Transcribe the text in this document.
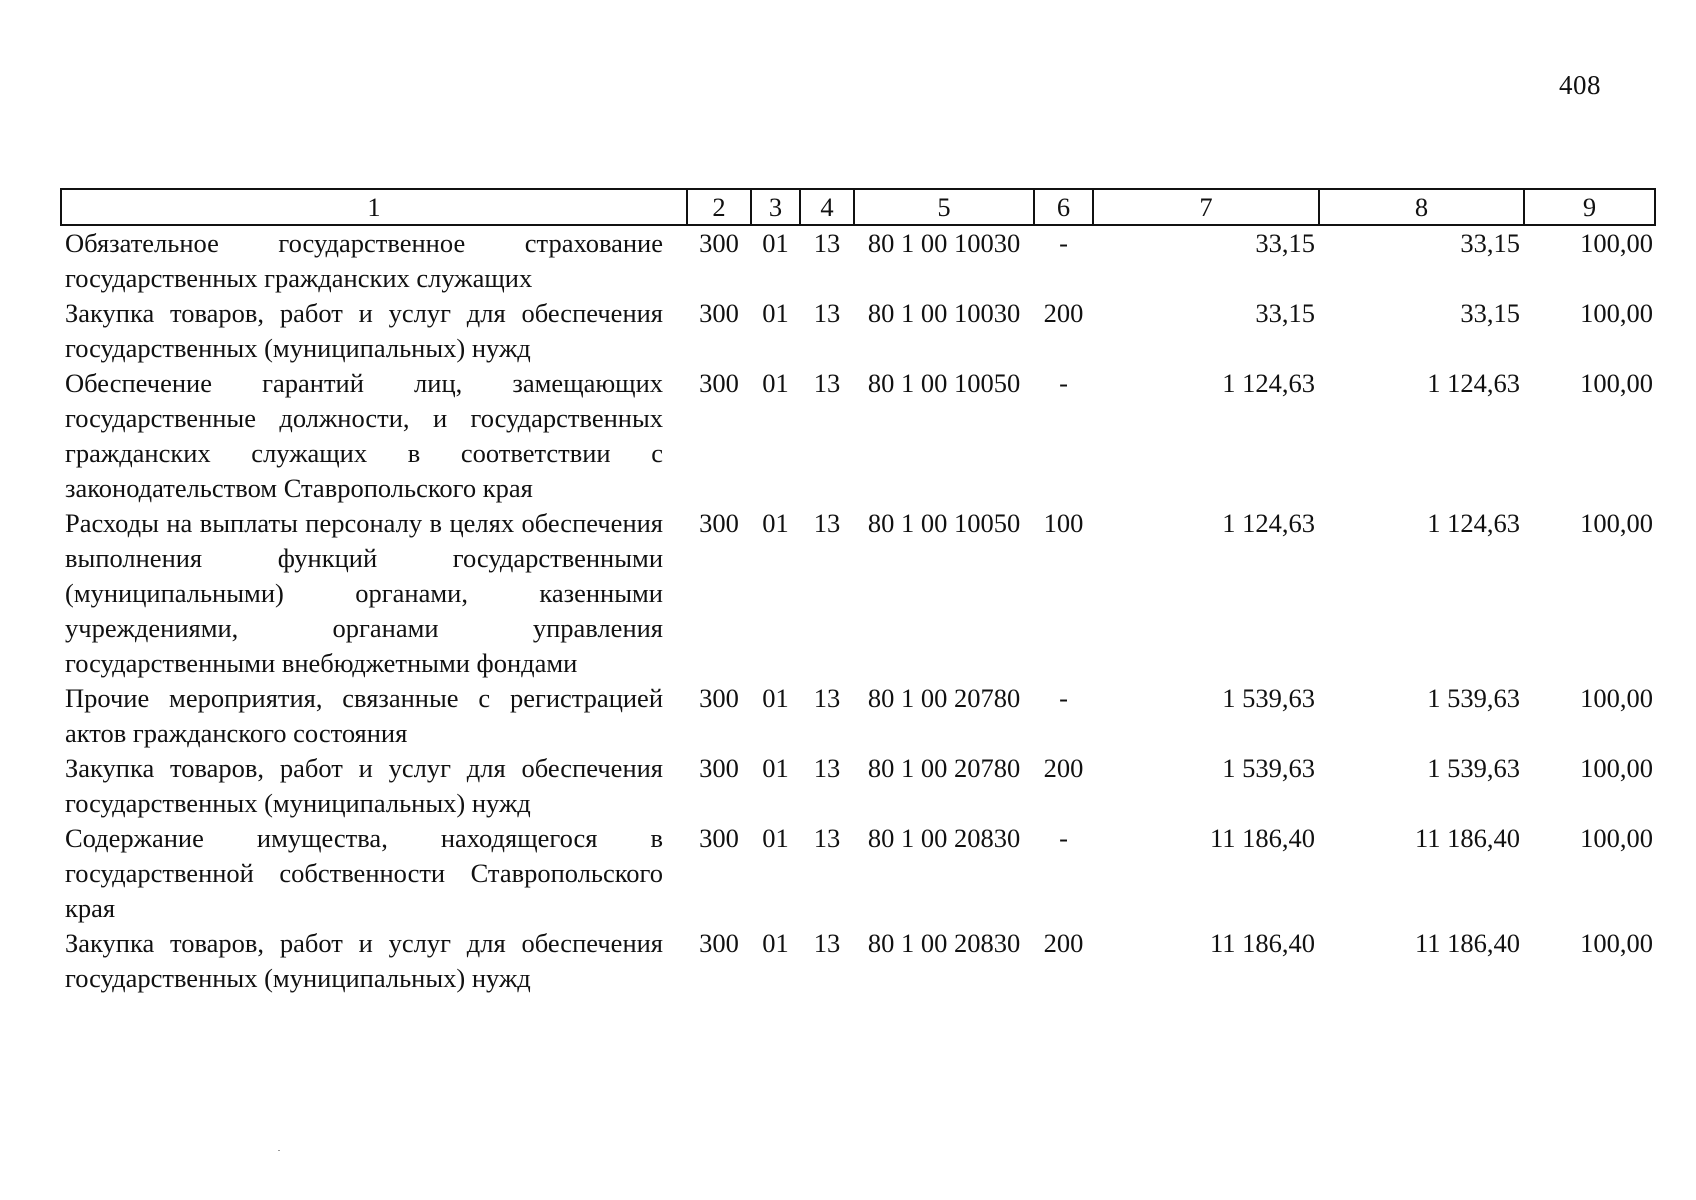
408
1	2	3	4	5	6	7	8	9
Обязательное государственное страхование государственных гражданских служащих	300	01	13	80 1 00 10030	-	33,15	33,15	100,00
Закупка товаров, работ и услуг для обеспечения государственных (муниципальных) нужд	300	01	13	80 1 00 10030	200	33,15	33,15	100,00
Обеспечение гарантий лиц, замещающих государственные должности, и государственных гражданских служащих в соответствии с законодательством Ставропольского края	300	01	13	80 1 00 10050	-	1 124,63	1 124,63	100,00
Расходы на выплаты персоналу в целях обеспечения выполнения функций государственными (муниципальными) органами, казенными учреждениями, органами управления государственными внебюджетными фондами	300	01	13	80 1 00 10050	100	1 124,63	1 124,63	100,00
Прочие мероприятия, связанные с регистрацией актов гражданского состояния	300	01	13	80 1 00 20780	-	1 539,63	1 539,63	100,00
Закупка товаров, работ и услуг для обеспечения государственных (муниципальных) нужд	300	01	13	80 1 00 20780	200	1 539,63	1 539,63	100,00
Содержание имущества, находящегося в государственной собственности Ставропольского края	300	01	13	80 1 00 20830	-	11 186,40	11 186,40	100,00
Закупка товаров, работ и услуг для обеспечения государственных (муниципальных) нужд	300	01	13	80 1 00 20830	200	11 186,40	11 186,40	100,00
